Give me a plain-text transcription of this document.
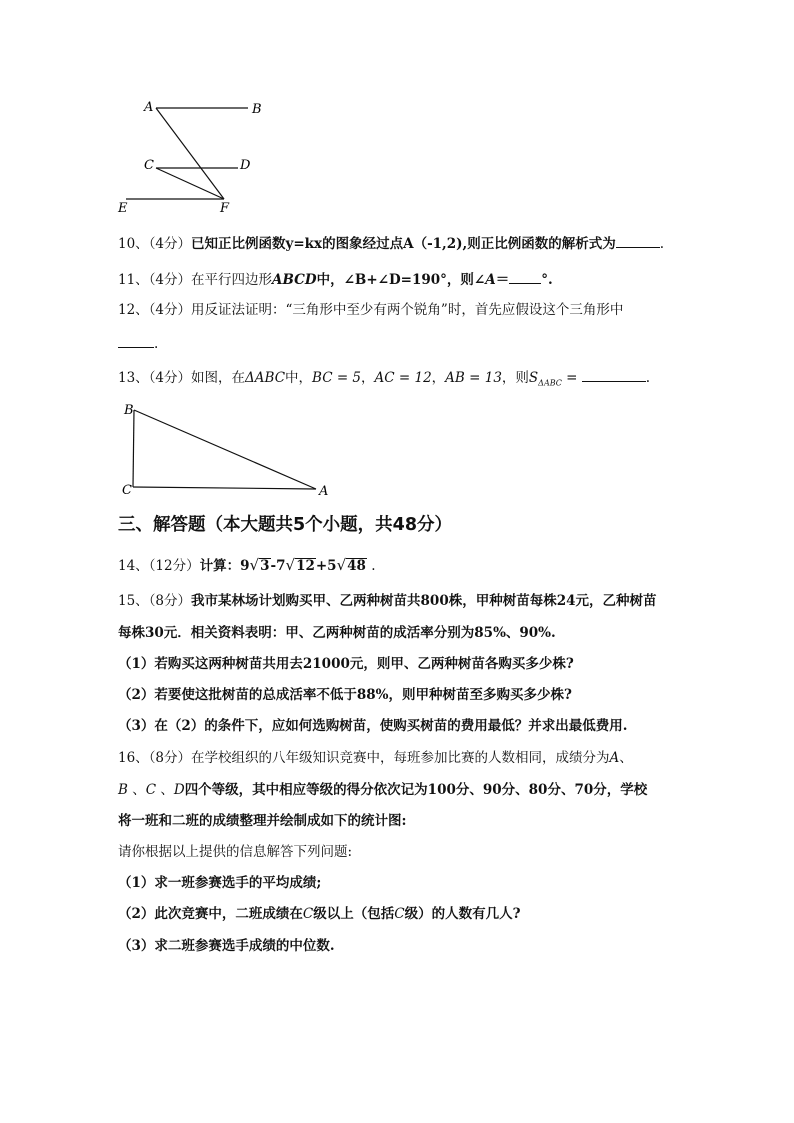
A	B
C	D
E	F
10、（4分）已知正比例函数y=kx的图象经过点A（-1,2),则正比例函数的解析式为	.
11、（4分）在平行四边形ABCD中，∠B+∠D=190°，则∠A＝ °.
12、（4分）用反证法证明：“三角形中至少有两个锐角”时，首先应假设这个三角形中
.
13、（4分）如图，在ΔABC中，BC = 5，AC = 12，AB = 13，则$S_{\Delta ABC}$ =	.
B
C	A
三、解答题（本大题共5个小题，共48分）
14、（12分）计算：9√3-7√12+5√48 .
15、（8分）我市某林场计划购买甲、乙两种树苗共800株，甲种树苗每株24元，乙种树苗
每株30元．相关资料表明：甲、乙两种树苗的成活率分别为85%、90%.
（1）若购买这两种树苗共用去21000元，则甲、乙两种树苗各购买多少株?
（2）若要使这批树苗的总成活率不低于88%，则甲种树苗至多购买多少株?
（3）在（2）的条件下，应如何选购树苗，使购买树苗的费用最低？并求出最低费用.
16、（8分）在学校组织的八年级知识竞赛中，每班参加比赛的人数相同，成绩分为A、
B 、C 、D四个等级，其中相应等级的得分依次记为100分、90分、80分、70分，学校
将一班和二班的成绩整理并绘制成如下的统计图:
请你根据以上提供的信息解答下列问题:
（1）求一班参赛选手的平均成绩;
（2）此次竞赛中，二班成绩在C级以上（包括C级）的人数有几人?
（3）求二班参赛选手成绩的中位数.
